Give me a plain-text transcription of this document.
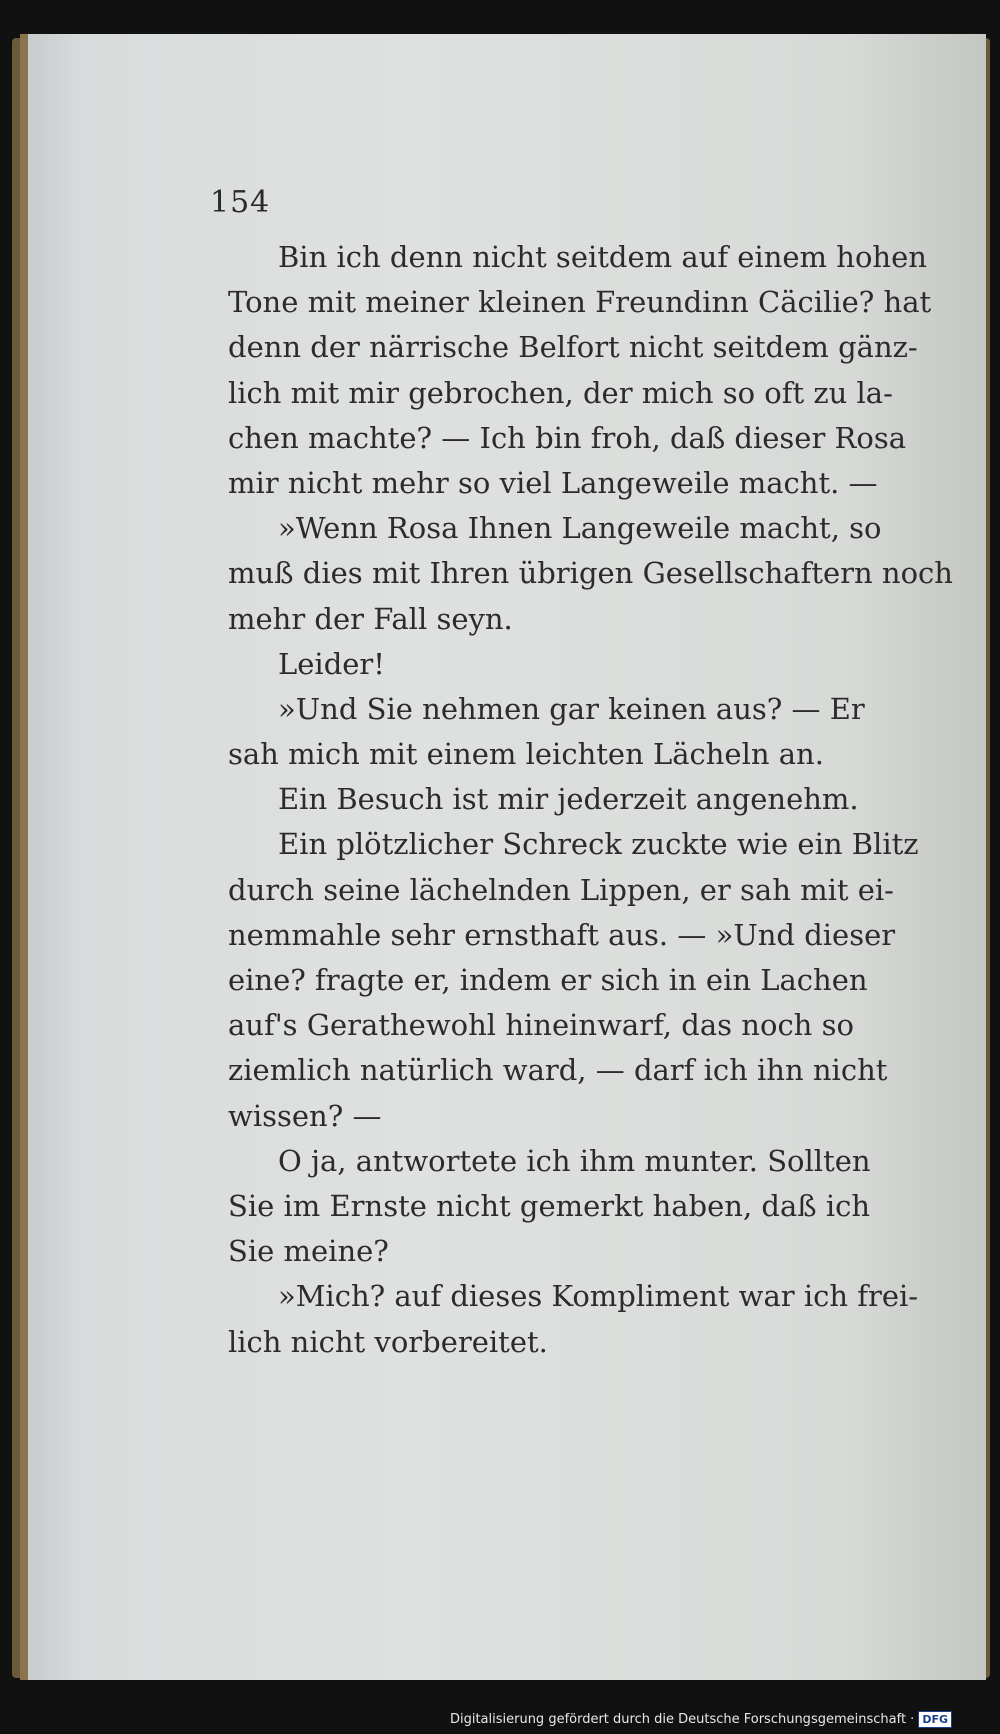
154
Bin ich denn nicht seitdem auf einem hohen
Tone mit meiner kleinen Freundinn Cäcilie? hat
denn der närrische Belfort nicht seitdem gänz-
lich mit mir gebrochen, der mich so oft zu la-
chen machte? — Ich bin froh, daß dieser Rosa
mir nicht mehr so viel Langeweile macht. —
»Wenn Rosa Ihnen Langeweile macht, so
muß dies mit Ihren übrigen Gesellschaftern noch
mehr der Fall seyn.
Leider!
»Und Sie nehmen gar keinen aus? — Er
sah mich mit einem leichten Lächeln an.
Ein Besuch ist mir jederzeit angenehm.
Ein plötzlicher Schreck zuckte wie ein Blitz
durch seine lächelnden Lippen, er sah mit ei-
nemmahle sehr ernsthaft aus. — »Und dieser
eine? fragte er, indem er sich in ein Lachen
auf's Gerathewohl hineinwarf, das noch so
ziemlich natürlich ward, — darf ich ihn nicht
wissen? —
O ja, antwortete ich ihm munter. Sollten
Sie im Ernste nicht gemerkt haben, daß ich
Sie meine?
»Mich? auf dieses Kompliment war ich frei-
lich nicht vorbereitet.
Digitalisierung gefördert durch die Deutsche Forschungsgemeinschaft · DFG
